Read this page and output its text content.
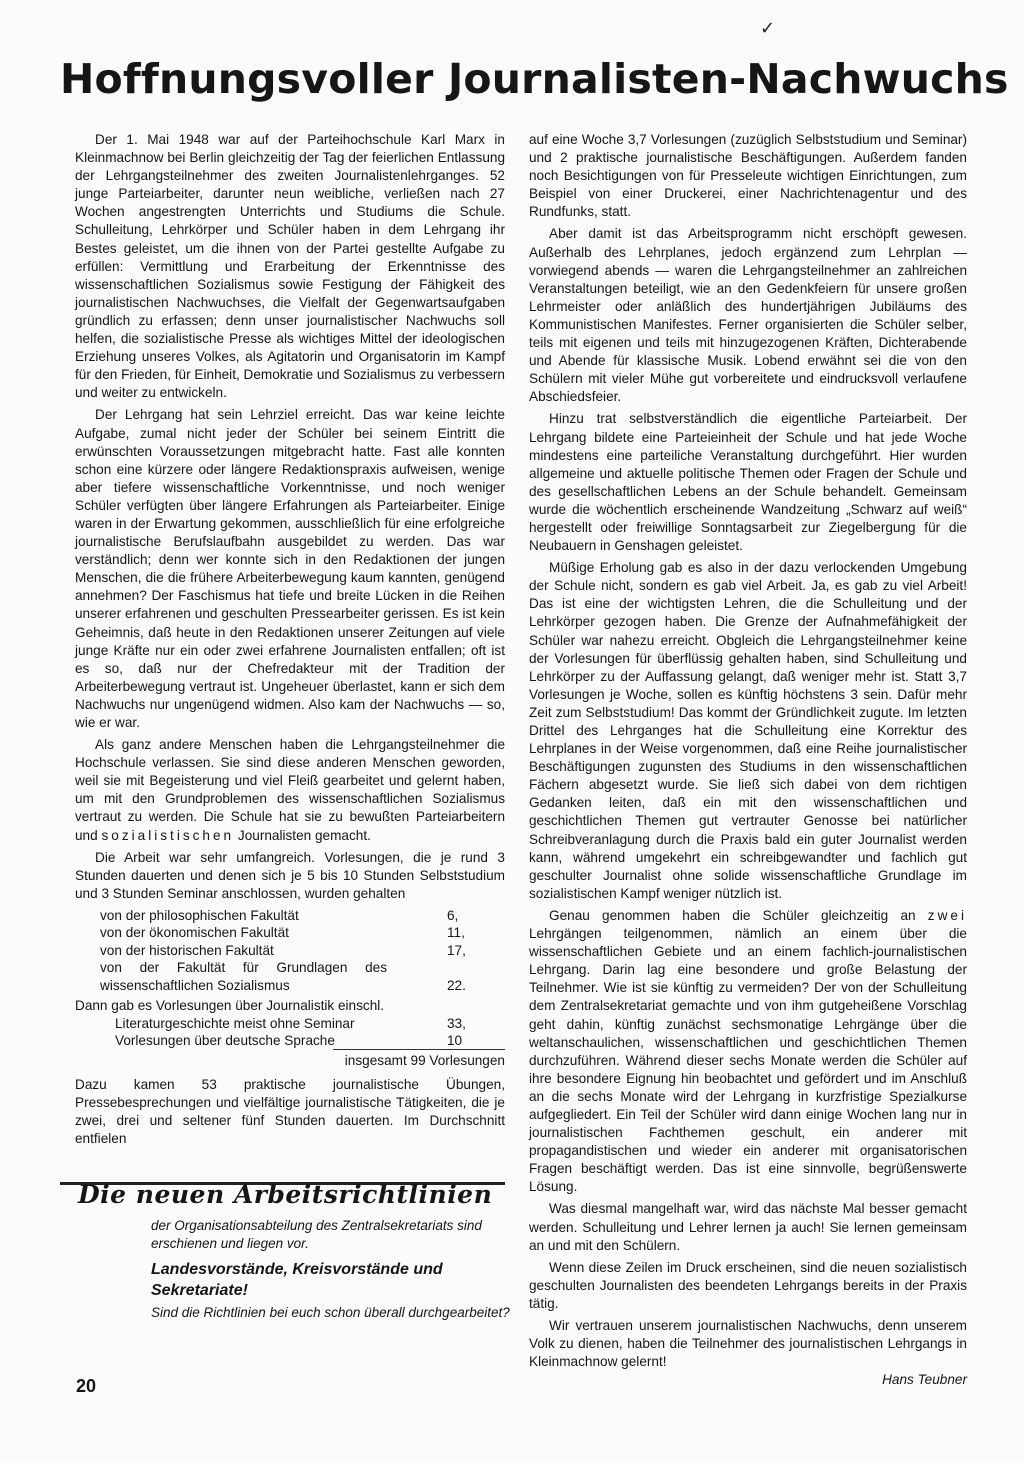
✓
Hoffnungsvoller Journalisten-Nachwuchs

Der 1. Mai 1948 war auf der Parteihochschule Karl Marx in Kleinmachnow bei Berlin gleichzeitig der Tag der feierlichen Entlassung der Lehrgangsteilnehmer des zweiten Journalistenlehrganges. 52 junge Parteiarbeiter, darunter neun weibliche, verließen nach 27 Wochen angestrengten Unterrichts und Studiums die Schule. Schulleitung, Lehrkörper und Schüler haben in dem Lehrgang ihr Bestes geleistet, um die ihnen von der Partei gestellte Aufgabe zu erfüllen: Vermittlung und Erarbeitung der Erkenntnisse des wissenschaftlichen Sozialismus sowie Festigung der Fähigkeit des journalistischen Nachwuchses, die Vielfalt der Gegenwartsaufgaben gründlich zu erfassen; denn unser journalistischer Nachwuchs soll helfen, die sozialistische Presse als wichtiges Mittel der ideologischen Erziehung unseres Volkes, als Agitatorin und Organisatorin im Kampf für den Frieden, für Einheit, Demokratie und Sozialismus zu verbessern und weiter zu entwickeln.

Der Lehrgang hat sein Lehrziel erreicht. Das war keine leichte Aufgabe, zumal nicht jeder der Schüler bei seinem Eintritt die erwünschten Voraussetzungen mitgebracht hatte. Fast alle konnten schon eine kürzere oder längere Redaktionspraxis aufweisen, wenige aber tiefere wissenschaftliche Vorkenntnisse, und noch weniger Schüler verfügten über längere Erfahrungen als Parteiarbeiter. Einige waren in der Erwartung gekommen, ausschließlich für eine erfolgreiche journalistische Berufslaufbahn ausgebildet zu werden. Das war verständlich; denn wer konnte sich in den Redaktionen der jungen Menschen, die die frühere Arbeiterbewegung kaum kannten, genügend annehmen? Der Faschismus hat tiefe und breite Lücken in die Reihen unserer erfahrenen und geschulten Pressearbeiter gerissen. Es ist kein Geheimnis, daß heute in den Redaktionen unserer Zeitungen auf viele junge Kräfte nur ein oder zwei erfahrene Journalisten entfallen; oft ist es so, daß nur der Chefredakteur mit der Tradition der Arbeiterbewegung vertraut ist. Ungeheuer überlastet, kann er sich dem Nachwuchs nur ungenügend widmen. Also kam der Nachwuchs — so, wie er war.

Als ganz andere Menschen haben die Lehrgangsteilnehmer die Hochschule verlassen. Sie sind diese anderen Menschen geworden, weil sie mit Begeisterung und viel Fleiß gearbeitet und gelernt haben, um mit den Grundproblemen des wissenschaftlichen Sozialismus vertraut zu werden. Die Schule hat sie zu bewußten Parteiarbeitern und sozialistischen Journalisten gemacht.

Die Arbeit war sehr umfangreich. Vorlesungen, die je rund 3 Stunden dauerten und denen sich je 5 bis 10 Stunden Selbststudium und 3 Stunden Seminar anschlossen, wurden gehalten

von der philosophischen Fakultät	6,
von der ökonomischen Fakultät	11,
von der historischen Fakultät	17,
von der Fakultät für Grundlagen des wissenschaftlichen Sozialismus	22.
Dann gab es Vorlesungen über Journalistik einschl.
Literaturgeschichte meist ohne Seminar	33,
Vorlesungen über deutsche Sprache	10
insgesamt 99 Vorlesungen

Dazu kamen 53 praktische journalistische Übungen, Pressebesprechungen und vielfältige journalistische Tätigkeiten, die je zwei, drei und seltener fünf Stunden dauerten. Im Durchschnitt entfielen

Die neuen Arbeitsrichtlinien
der Organisationsabteilung des Zentralsekretariats sind erschienen und liegen vor.
Landesvorstände, Kreisvorstände und Sekretariate!
Sind die Richtlinien bei euch schon überall durchgearbeitet?

auf eine Woche 3,7 Vorlesungen (zuzüglich Selbststudium und Seminar) und 2 praktische journalistische Beschäftigungen. Außerdem fanden noch Besichtigungen von für Presseleute wichtigen Einrichtungen, zum Beispiel von einer Druckerei, einer Nachrichtenagentur und des Rundfunks, statt.

Aber damit ist das Arbeitsprogramm nicht erschöpft gewesen. Außerhalb des Lehrplanes, jedoch ergänzend zum Lehrplan — vorwiegend abends — waren die Lehrgangsteilnehmer an zahlreichen Veranstaltungen beteiligt, wie an den Gedenkfeiern für unsere großen Lehrmeister oder anläßlich des hundertjährigen Jubiläums des Kommunistischen Manifestes. Ferner organisierten die Schüler selber, teils mit eigenen und teils mit hinzugezogenen Kräften, Dichterabende und Abende für klassische Musik. Lobend erwähnt sei die von den Schülern mit vieler Mühe gut vorbereitete und eindrucksvoll verlaufene Abschiedsfeier.

Hinzu trat selbstverständlich die eigentliche Parteiarbeit. Der Lehrgang bildete eine Parteieinheit der Schule und hat jede Woche mindestens eine parteiliche Veranstaltung durchgeführt. Hier wurden allgemeine und aktuelle politische Themen oder Fragen der Schule und des gesellschaftlichen Lebens an der Schule behandelt. Gemeinsam wurde die wöchentlich erscheinende Wandzeitung „Schwarz auf weiß“ hergestellt oder freiwillige Sonntagsarbeit zur Ziegelbergung für die Neubauern in Genshagen geleistet.

Müßige Erholung gab es also in der dazu verlockenden Umgebung der Schule nicht, sondern es gab viel Arbeit. Ja, es gab zu viel Arbeit! Das ist eine der wichtigsten Lehren, die die Schulleitung und der Lehrkörper gezogen haben. Die Grenze der Aufnahmefähigkeit der Schüler war nahezu erreicht. Obgleich die Lehrgangsteilnehmer keine der Vorlesungen für überflüssig gehalten haben, sind Schulleitung und Lehrkörper zu der Auffassung gelangt, daß weniger mehr ist. Statt 3,7 Vorlesungen je Woche, sollen es künftig höchstens 3 sein. Dafür mehr Zeit zum Selbststudium! Das kommt der Gründlichkeit zugute. Im letzten Drittel des Lehrganges hat die Schulleitung eine Korrektur des Lehrplanes in der Weise vorgenommen, daß eine Reihe journalistischer Beschäftigungen zugunsten des Studiums in den wissenschaftlichen Fächern abgesetzt wurde. Sie ließ sich dabei von dem richtigen Gedanken leiten, daß ein mit den wissenschaftlichen und geschichtlichen Themen gut vertrauter Genosse bei natürlicher Schreibveranlagung durch die Praxis bald ein guter Journalist werden kann, während umgekehrt ein schreibgewandter und fachlich gut geschulter Journalist ohne solide wissenschaftliche Grundlage im sozialistischen Kampf weniger nützlich ist.

Genau genommen haben die Schüler gleichzeitig an zwei Lehrgängen teilgenommen, nämlich an einem über die wissenschaftlichen Gebiete und an einem fachlich-journalistischen Lehrgang. Darin lag eine besondere und große Belastung der Teilnehmer. Wie ist sie künftig zu vermeiden? Der von der Schulleitung dem Zentralsekretariat gemachte und von ihm gutgeheißene Vorschlag geht dahin, künftig zunächst sechsmonatige Lehrgänge über die weltanschaulichen, wissenschaftlichen und geschichtlichen Themen durchzuführen. Während dieser sechs Monate werden die Schüler auf ihre besondere Eignung hin beobachtet und gefördert und im Anschluß an die sechs Monate wird der Lehrgang in kurzfristige Spezialkurse aufgegliedert. Ein Teil der Schüler wird dann einige Wochen lang nur in journalistischen Fachthemen geschult, ein anderer mit propagandistischen und wieder ein anderer mit organisatorischen Fragen beschäftigt werden. Das ist eine sinnvolle, begrüßenswerte Lösung.

Was diesmal mangelhaft war, wird das nächste Mal besser gemacht werden. Schulleitung und Lehrer lernen ja auch! Sie lernen gemeinsam an und mit den Schülern.

Wenn diese Zeilen im Druck erscheinen, sind die neuen sozialistisch geschulten Journalisten des beendeten Lehrgangs bereits in der Praxis tätig.

Wir vertrauen unserem journalistischen Nachwuchs, denn unserem Volk zu dienen, haben die Teilnehmer des journalistischen Lehrgangs in Kleinmachnow gelernt!

Hans Teubner
20
